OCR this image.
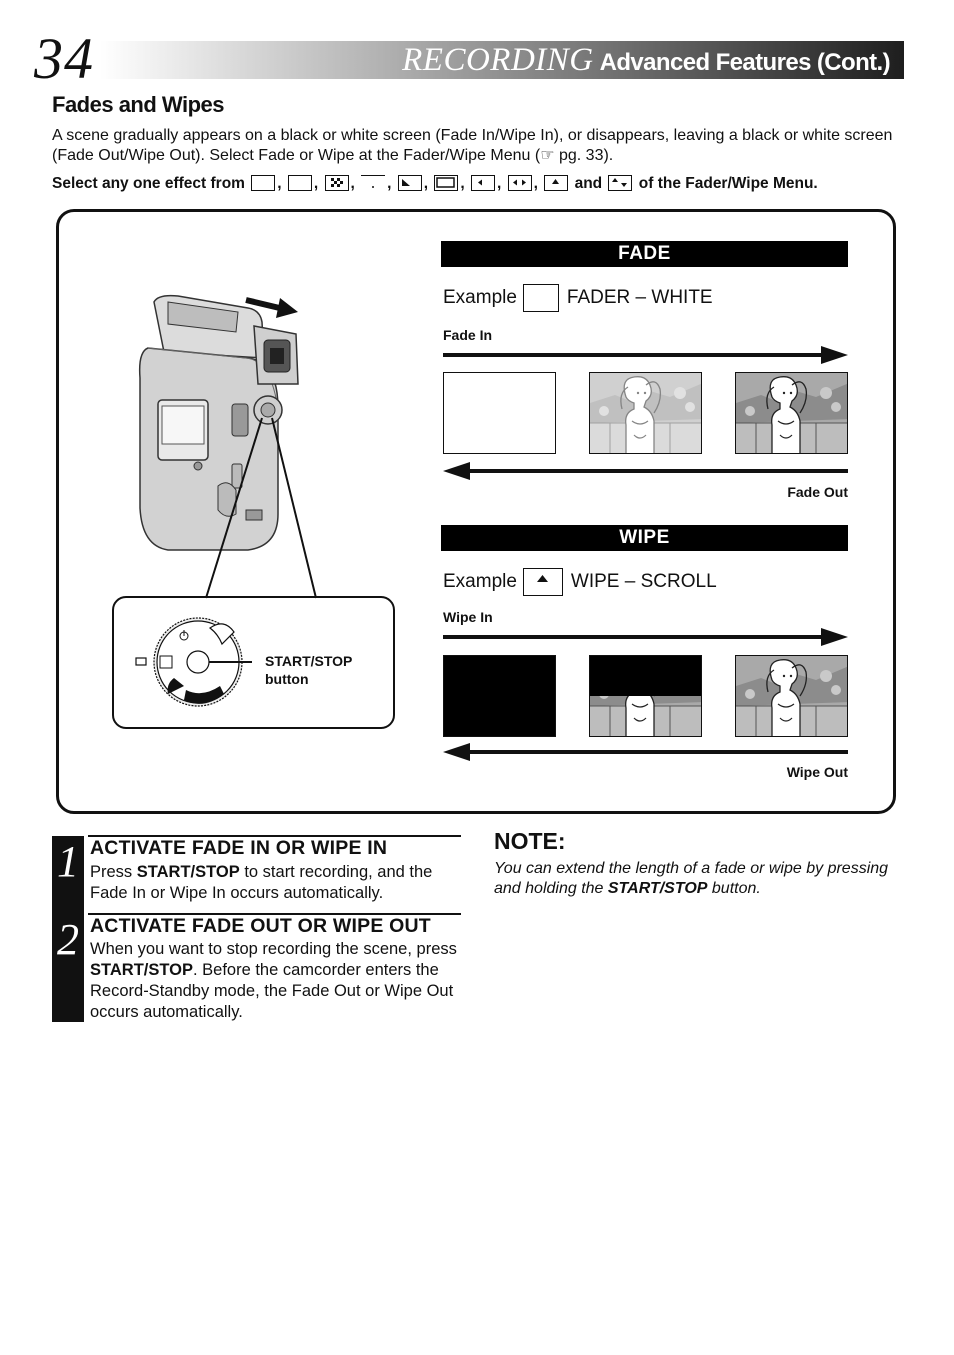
34	RECORDING Advanced Features (Cont.)
Fades and Wipes
A scene gradually appears on a black or white screen (Fade In/Wipe In), or disappears, leaving a black or white screen (Fade Out/Wipe Out). Select Fade or Wipe at the Fader/Wipe Menu (☞ pg. 33).
Select any one effect from ,
,
,
,
,
,
,
,
and of the Fader/Wipe Menu.
START/STOP
button
FADE
Example	FADER – WHITE
Fade In
Fade Out
WIPE
Example	WIPE – SCROLL
Wipe In
Wipe Out
1
2
ACTIVATE FADE IN OR WIPE IN
Press START/STOP to start recording, and the Fade In or Wipe In occurs automatically.
ACTIVATE FADE OUT OR WIPE OUT
When you want to stop recording the scene, press START/STOP. Before the camcorder enters the Record-Standby mode, the Fade Out or Wipe Out occurs automatically.
NOTE:
You can extend the length of a fade or wipe by pressing and holding the START/STOP button.
